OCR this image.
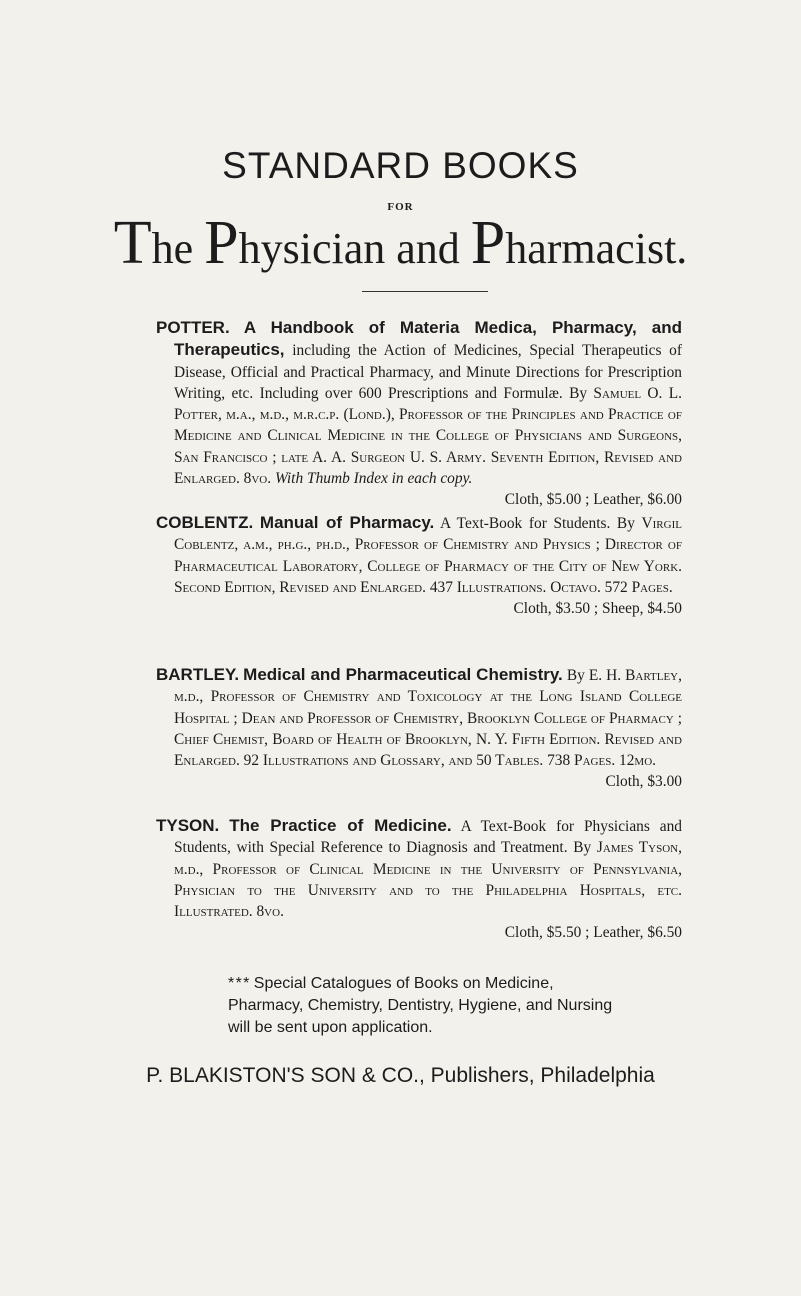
STANDARD BOOKS
FOR
The Physician and Pharmacist.

POTTER. A Handbook of Materia Medica, Pharmacy, and Therapeutics, including the Action of Medicines, Special Therapeutics of Disease, Official and Practical Pharmacy, and Minute Directions for Prescription Writing, etc. Including over 600 Prescriptions and Formulæ. By Samuel O. L. Potter, m.a., m.d., m.r.c.p. (Lond.), Professor of the Principles and Practice of Medicine and Clinical Medicine in the College of Physicians and Surgeons, San Francisco ; late A. A. Surgeon U. S. Army. Seventh Edition, Revised and Enlarged. 8vo. With Thumb Index in each copy.
Cloth, $5.00 ; Leather, $6.00

COBLENTZ. Manual of Pharmacy. A Text-Book for Students. By Virgil Coblentz, a.m., ph.g., ph.d., Professor of Chemistry and Physics ; Director of Pharmaceutical Laboratory, College of Pharmacy of the City of New York. Second Edition, Revised and Enlarged. 437 Illustrations. Octavo. 572 Pages.
Cloth, $3.50 ; Sheep, $4.50

BARTLEY. Medical and Pharmaceutical Chemistry. By E. H. Bartley, m.d., Professor of Chemistry and Toxicology at the Long Island College Hospital ; Dean and Professor of Chemistry, Brooklyn College of Pharmacy ; Chief Chemist, Board of Health of Brooklyn, N. Y. Fifth Edition. Revised and Enlarged. 92 Illustrations and Glossary, and 50 Tables. 738 Pages. 12mo.
Cloth, $3.00

TYSON. The Practice of Medicine. A Text-Book for Physicians and Students, with Special Reference to Diagnosis and Treatment. By James Tyson, m.d., Professor of Clinical Medicine in the University of Pennsylvania, Physician to the University and to the Philadelphia Hospitals, etc. Illustrated. 8vo.
Cloth, $5.50 ; Leather, $6.50

* * * Special Catalogues of Books on Medicine, Pharmacy, Chemistry, Dentistry, Hygiene, and Nursing will be sent upon application.

P. BLAKISTON'S SON & CO., Publishers, Philadelphia
